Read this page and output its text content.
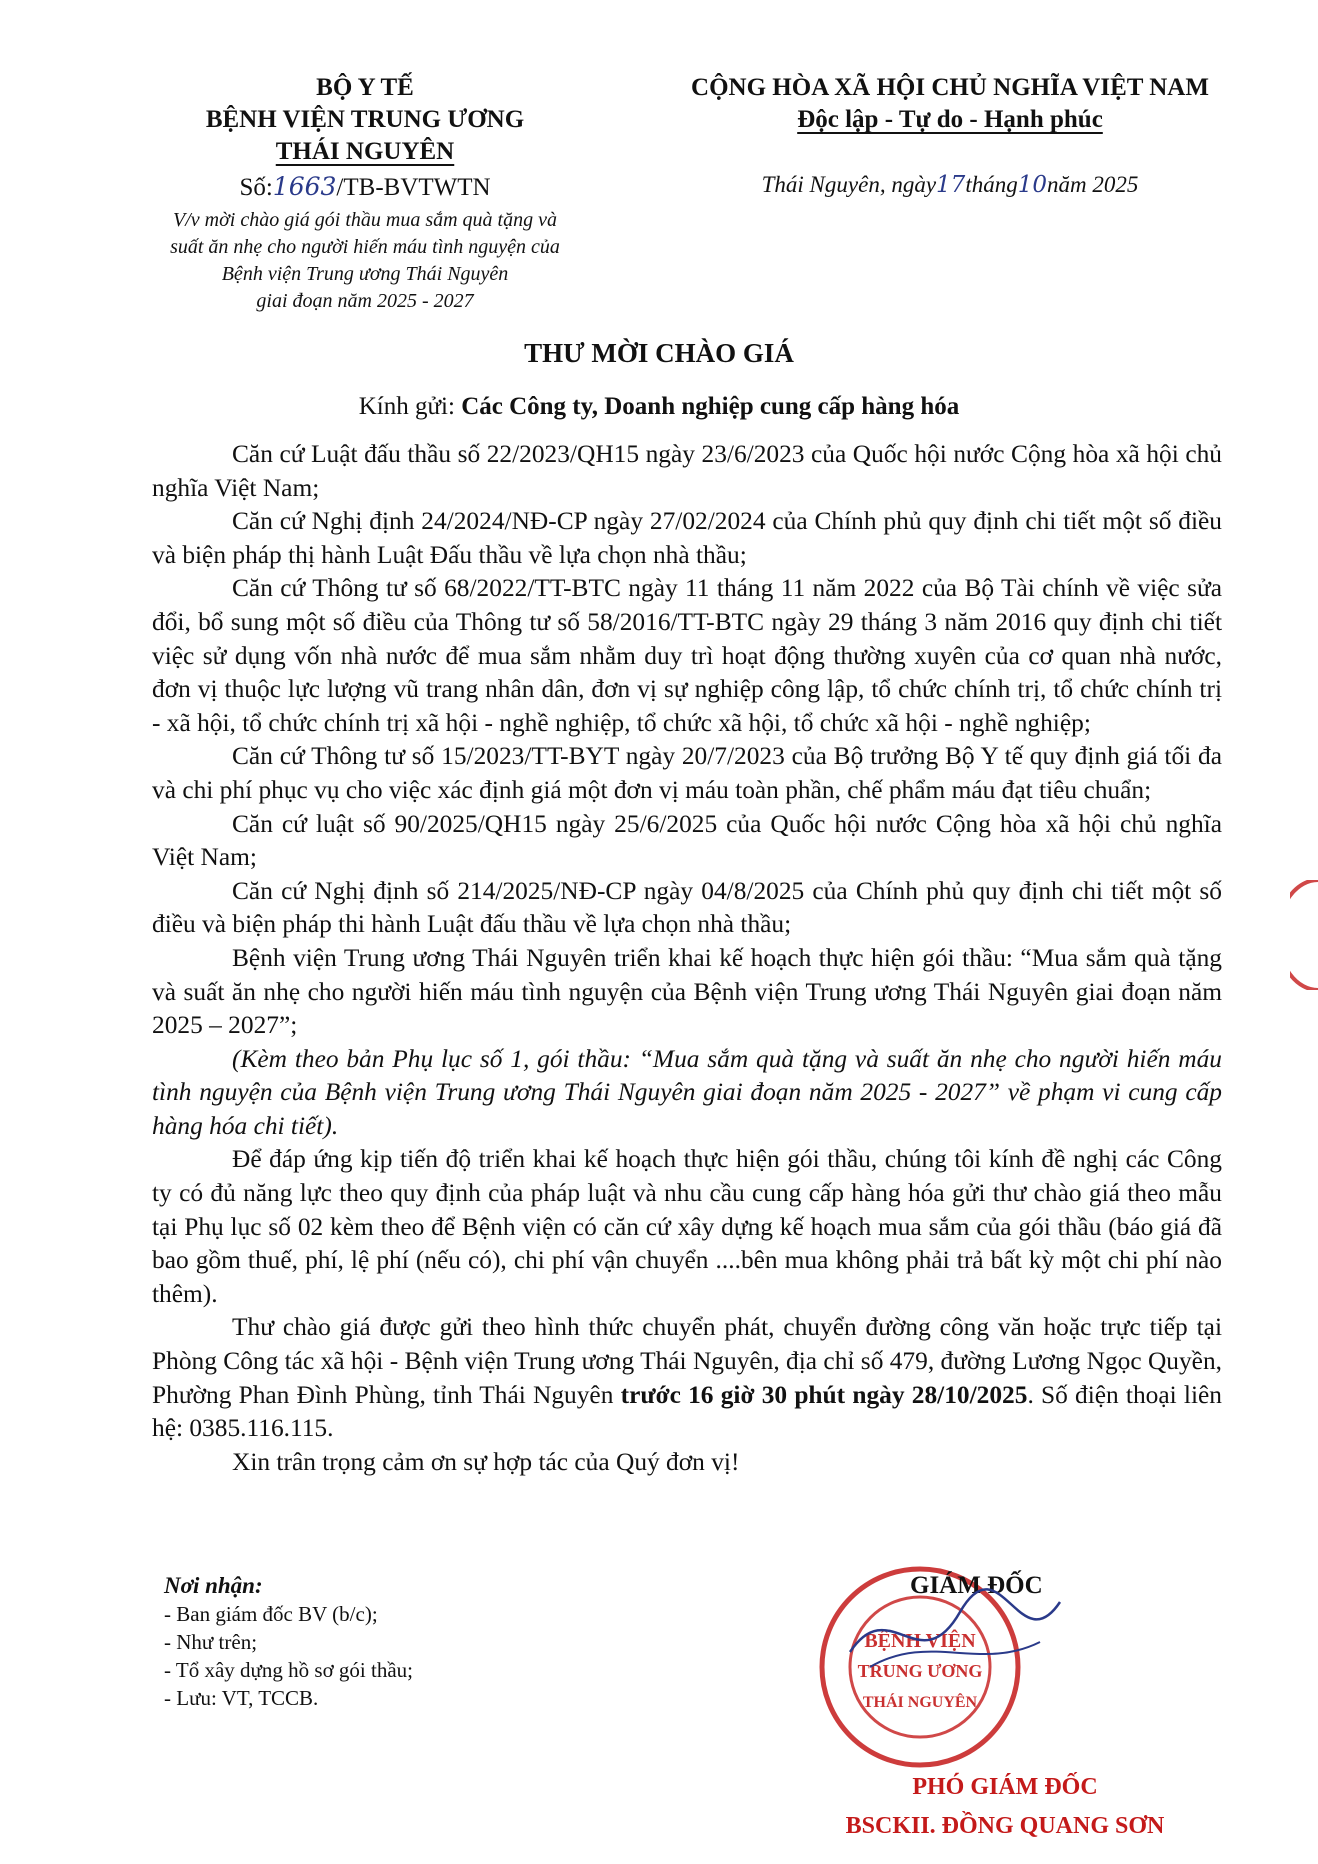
BỘ Y TẾ
BỆNH VIỆN TRUNG ƯƠNG
THÁI NGUYÊN
Số:1663/TB-BVTWTN
V/v mời chào giá gói thầu mua sắm quà tặng và
suất ăn nhẹ cho người hiến máu tình nguyện của
Bệnh viện Trung ương Thái Nguyên
giai đoạn năm 2025 - 2027
CỘNG HÒA XÃ HỘI CHỦ NGHĨA VIỆT NAM
Độc lập - Tự do - Hạnh phúc
Thái Nguyên, ngày17tháng10năm 2025
THƯ MỜI CHÀO GIÁ
Kính gửi: Các Công ty, Doanh nghiệp cung cấp hàng hóa

Căn cứ Luật đấu thầu số 22/2023/QH15 ngày 23/6/2023 của Quốc hội nước Cộng hòa xã hội chủ nghĩa Việt Nam;

Căn cứ Nghị định 24/2024/NĐ-CP ngày 27/02/2024 của Chính phủ quy định chi tiết một số điều và biện pháp thị hành Luật Đấu thầu về lựa chọn nhà thầu;

Căn cứ Thông tư số 68/2022/TT-BTC ngày 11 tháng 11 năm 2022 của Bộ Tài chính về việc sửa đổi, bổ sung một số điều của Thông tư số 58/2016/TT-BTC ngày 29 tháng 3 năm 2016 quy định chi tiết việc sử dụng vốn nhà nước để mua sắm nhằm duy trì hoạt động thường xuyên của cơ quan nhà nước, đơn vị thuộc lực lượng vũ trang nhân dân, đơn vị sự nghiệp công lập, tổ chức chính trị, tổ chức chính trị - xã hội, tổ chức chính trị xã hội - nghề nghiệp, tổ chức xã hội, tổ chức xã hội - nghề nghiệp;

Căn cứ Thông tư số 15/2023/TT-BYT ngày 20/7/2023 của Bộ trưởng Bộ Y tế quy định giá tối đa và chi phí phục vụ cho việc xác định giá một đơn vị máu toàn phần, chế phẩm máu đạt tiêu chuẩn;

Căn cứ luật số 90/2025/QH15 ngày 25/6/2025 của Quốc hội nước Cộng hòa xã hội chủ nghĩa Việt Nam;

Căn cứ Nghị định số 214/2025/NĐ-CP ngày 04/8/2025 của Chính phủ quy định chi tiết một số điều và biện pháp thi hành Luật đấu thầu về lựa chọn nhà thầu;

Bệnh viện Trung ương Thái Nguyên triển khai kế hoạch thực hiện gói thầu: “Mua sắm quà tặng và suất ăn nhẹ cho người hiến máu tình nguyện của Bệnh viện Trung ương Thái Nguyên giai đoạn năm 2025 – 2027”;

(Kèm theo bản Phụ lục số 1, gói thầu: “Mua sắm quà tặng và suất ăn nhẹ cho người hiến máu tình nguyện của Bệnh viện Trung ương Thái Nguyên giai đoạn năm 2025 - 2027” về phạm vi cung cấp hàng hóa chi tiết).

Để đáp ứng kịp tiến độ triển khai kế hoạch thực hiện gói thầu, chúng tôi kính đề nghị các Công ty có đủ năng lực theo quy định của pháp luật và nhu cầu cung cấp hàng hóa gửi thư chào giá theo mẫu tại Phụ lục số 02 kèm theo để Bệnh viện có căn cứ xây dựng kế hoạch mua sắm của gói thầu (báo giá đã bao gồm thuế, phí, lệ phí (nếu có), chi phí vận chuyển ....bên mua không phải trả bất kỳ một chi phí nào thêm).

Thư chào giá được gửi theo hình thức chuyển phát, chuyển đường công văn hoặc trực tiếp tại Phòng Công tác xã hội - Bệnh viện Trung ương Thái Nguyên, địa chỉ số 479, đường Lương Ngọc Quyền, Phường Phan Đình Phùng, tỉnh Thái Nguyên trước 16 giờ 30 phút ngày 28/10/2025. Số điện thoại liên hệ: 0385.116.115.

Xin trân trọng cảm ơn sự hợp tác của Quý đơn vị!

Nơi nhận:
- Ban giám đốc BV (b/c);
- Như trên;
- Tổ xây dựng hồ sơ gói thầu;
- Lưu: VT, TCCB.
BỆNH VIỆN
TRUNG ƯƠNG
THÁI NGUYÊN
GIÁM ĐỐC
PHÓ GIÁM ĐỐC
BSCKII. ĐỒNG QUANG SƠN
